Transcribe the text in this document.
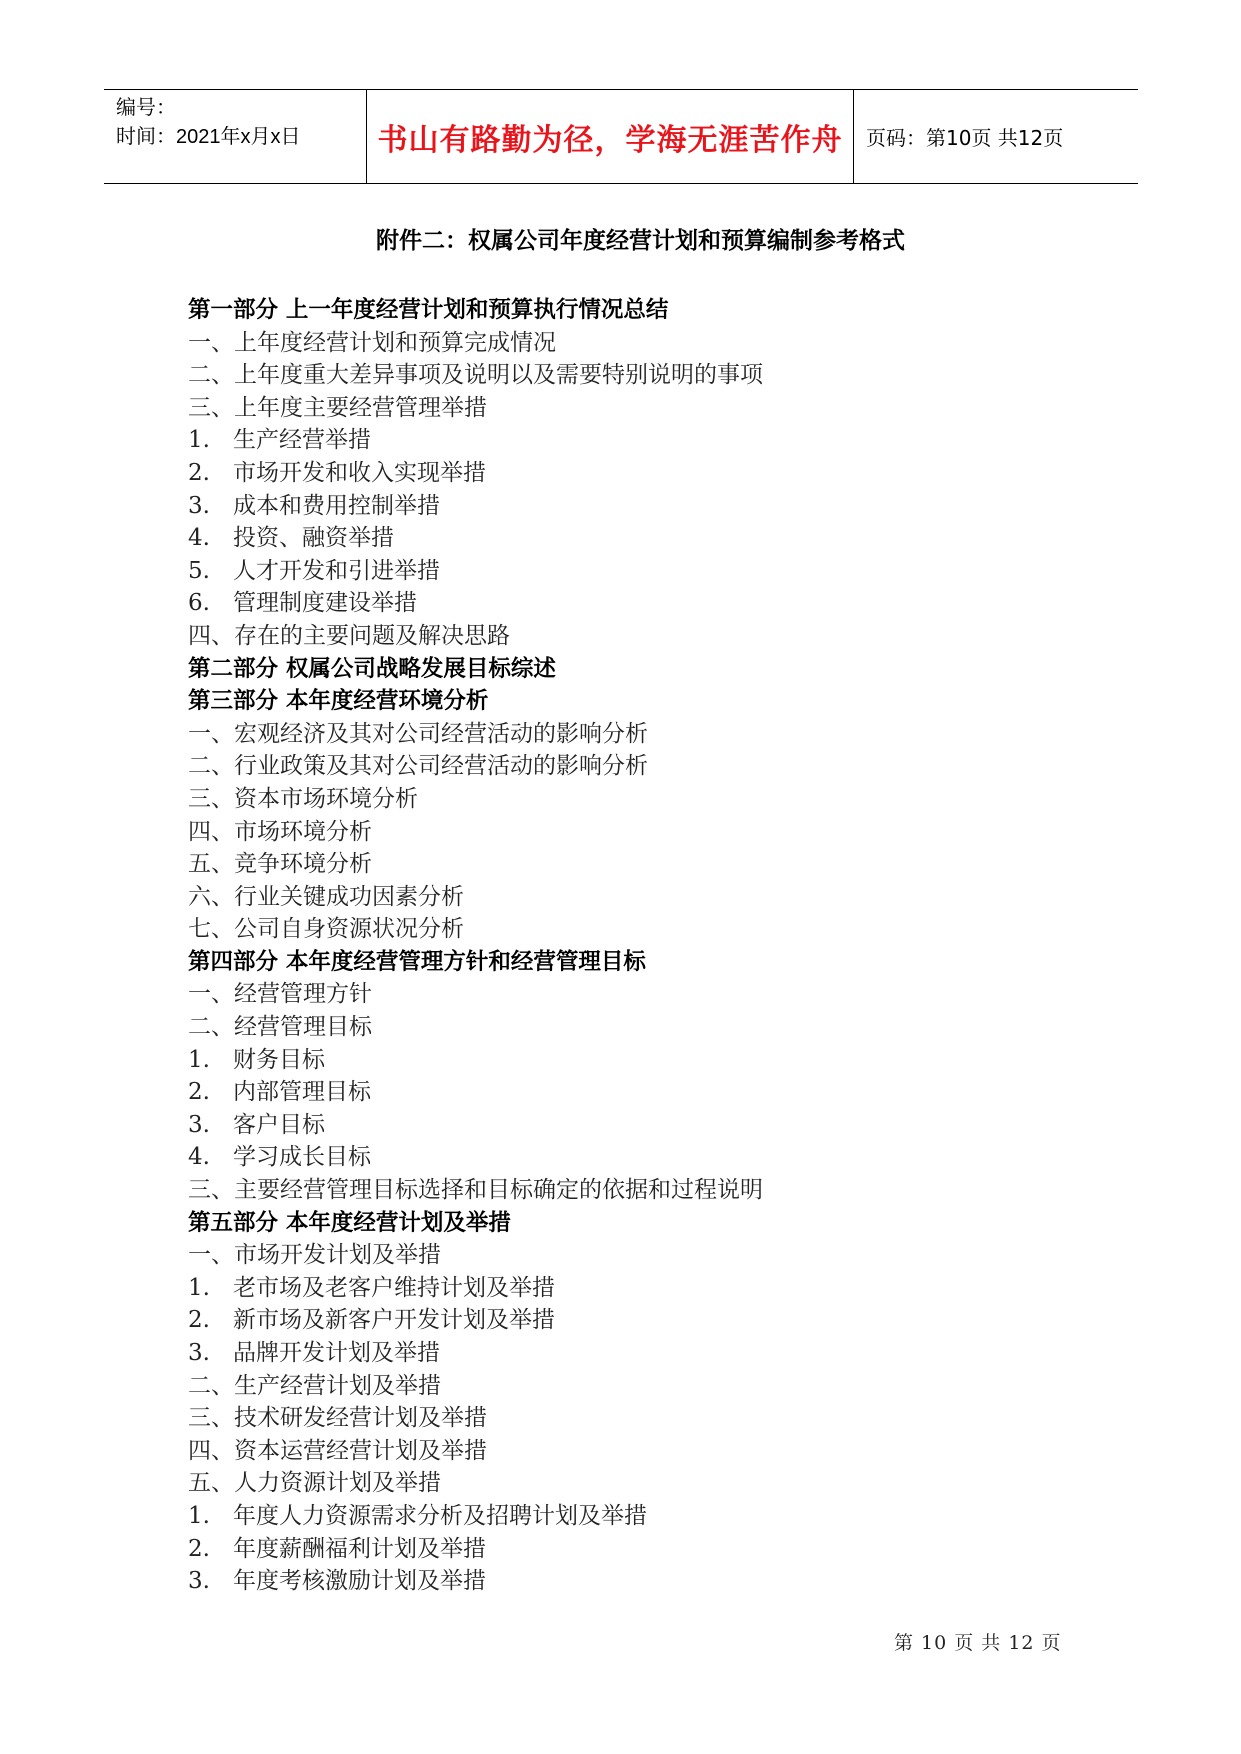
编号：
时间：2021年x月x日	书山有路勤为径，学海无涯苦作舟	页码：第10页 共12页
附件二：权属公司年度经营计划和预算编制参考格式
第一部分 上一年度经营计划和预算执行情况总结
一、上年度经营计划和预算完成情况
二、上年度重大差异事项及说明以及需要特别说明的事项
三、上年度主要经营管理举措
1. 生产经营举措
2. 市场开发和收入实现举措
3. 成本和费用控制举措
4. 投资、融资举措
5. 人才开发和引进举措
6. 管理制度建设举措
四、存在的主要问题及解决思路
第二部分 权属公司战略发展目标综述
第三部分 本年度经营环境分析
一、宏观经济及其对公司经营活动的影响分析
二、行业政策及其对公司经营活动的影响分析
三、资本市场环境分析
四、市场环境分析
五、竞争环境分析
六、行业关键成功因素分析
七、公司自身资源状况分析
第四部分 本年度经营管理方针和经营管理目标
一、经营管理方针
二、经营管理目标
1. 财务目标
2. 内部管理目标
3. 客户目标
4. 学习成长目标
三、主要经营管理目标选择和目标确定的依据和过程说明
第五部分 本年度经营计划及举措
一、市场开发计划及举措
1. 老市场及老客户维持计划及举措
2. 新市场及新客户开发计划及举措
3. 品牌开发计划及举措
二、生产经营计划及举措
三、技术研发经营计划及举措
四、资本运营经营计划及举措
五、人力资源计划及举措
1. 年度人力资源需求分析及招聘计划及举措
2. 年度薪酬福利计划及举措
3. 年度考核激励计划及举措
第 10 页 共 12 页
